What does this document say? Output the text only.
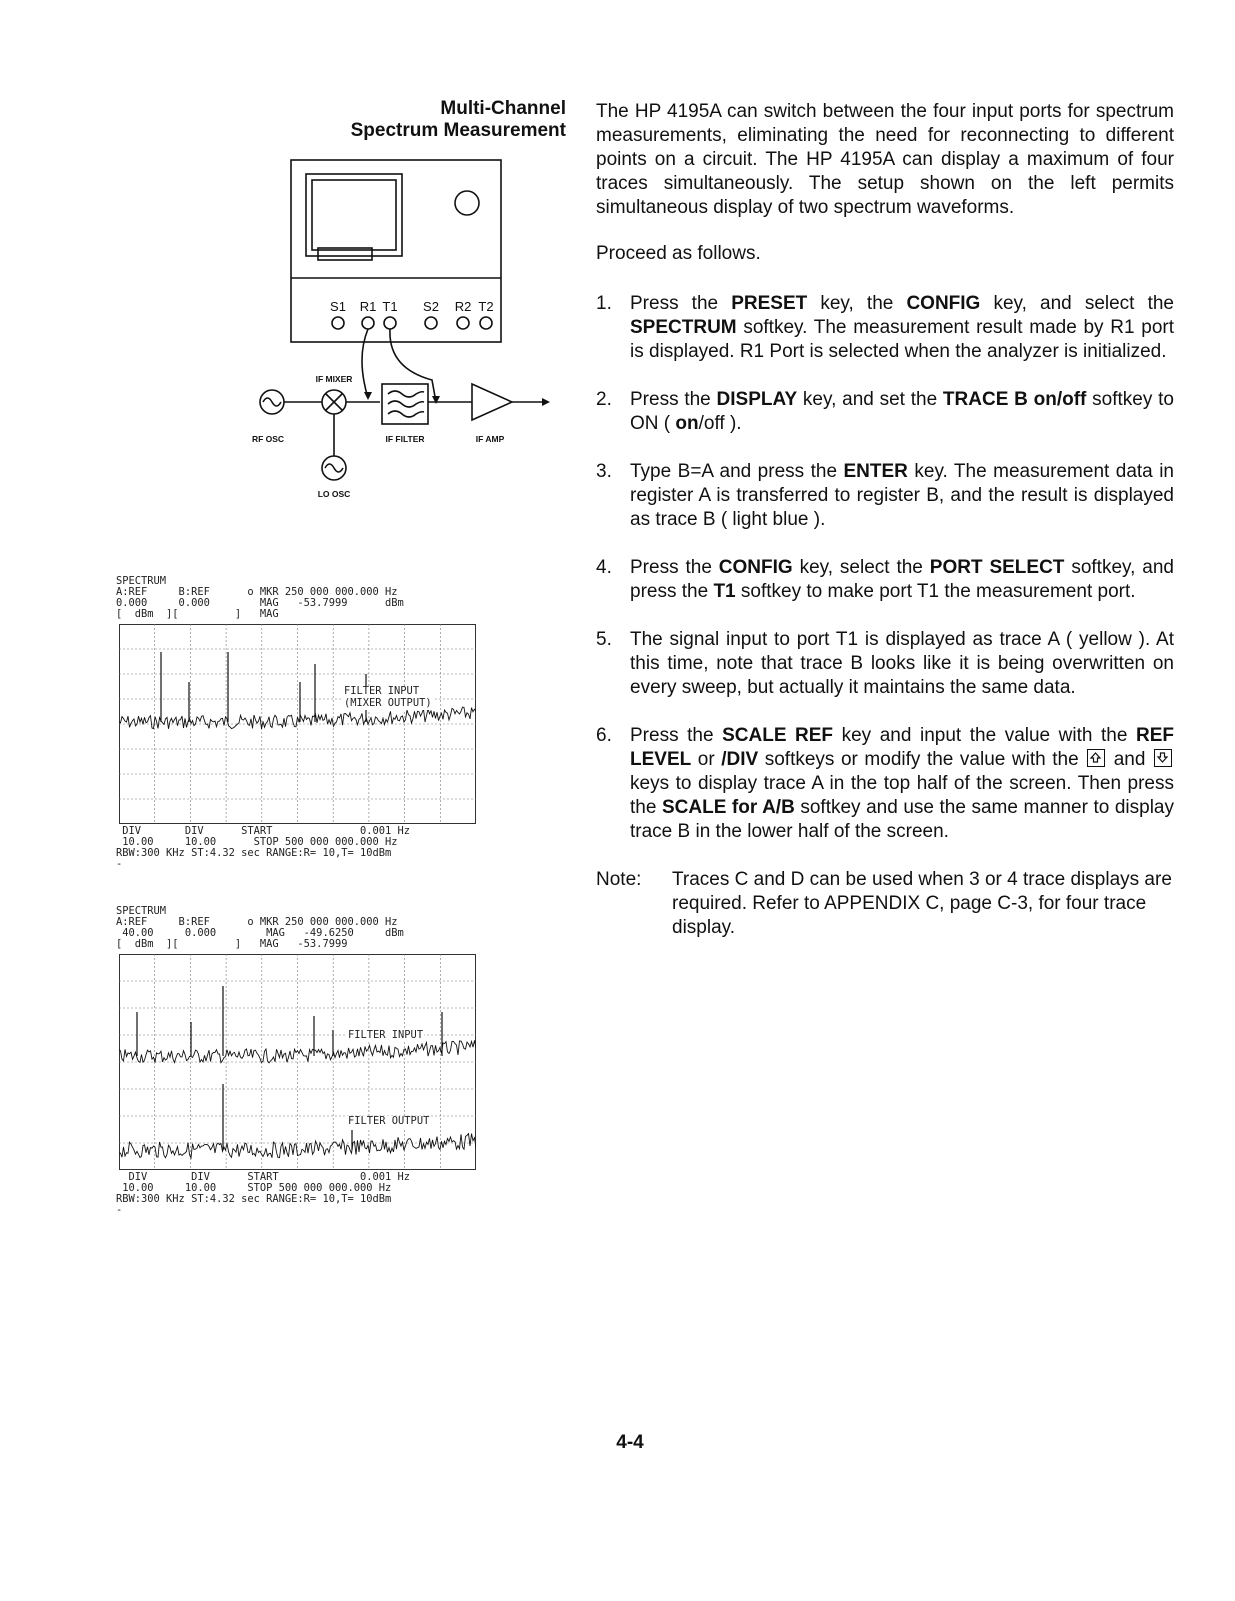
Multi-Channel
Spectrum Measurement
S1 R1 T1 S2 R2 T2
IF MIXER
RF OSC	IF FILTER	IF AMP
LO OSC
SPECTRUM
A:REF     B:REF      o MKR 250 000 000.000 Hz
0.000     0.000        MAG   -53.7999      dBm
[  dBm  ][         ]   MAG
FILTER INPUT
(MIXER OUTPUT)
DIV       DIV      START              0.001 Hz
10.00     10.00      STOP 500 000 000.000 Hz
RBW:300 KHz ST:4.32 sec RANGE:R= 10,T= 10dBm
-
SPECTRUM
A:REF     B:REF      o MKR 250 000 000.000 Hz
40.00     0.000        MAG   -49.6250     dBm
[  dBm  ][         ]   MAG   -53.7999
FILTER INPUT
FILTER OUTPUT
DIV       DIV      START             0.001 Hz
10.00     10.00     STOP 500 000 000.000 Hz
RBW:300 KHz ST:4.32 sec RANGE:R= 10,T= 10dBm
-

The HP 4195A can switch between the four input ports for spectrum measurements, eliminating the need for reconnecting to different points on a circuit. The HP 4195A can display a maximum of four traces simultaneously. The setup shown on the left permits simultaneous display of two spectrum waveforms.

Proceed as follows.

1. Press the PRESET key, the CONFIG key, and select the SPECTRUM softkey. The measurement result made by R1 port is displayed. R1 Port is selected when the analyzer is initialized.
2. Press the DISPLAY key, and set the TRACE B on/off softkey to ON ( on/off ).
3. Type B=A and press the ENTER key. The measurement data in register A is transferred to register B, and the result is displayed as trace B ( light blue ).
4. Press the CONFIG key, select the PORT SELECT softkey, and press the T1 softkey to make port T1 the measurement port.
5. The signal input to port T1 is displayed as trace A ( yellow ). At this time, note that trace B looks like it is being overwritten on every sweep, but actually it maintains the same data.
6. Press the SCALE REF key and input the value with the REF LEVEL or /DIV softkeys or modify the value with the
and
keys to display trace A in the top half of the screen. Then press the SCALE for A/B softkey and use the same manner to display trace B in the lower half of the screen.
Note: Traces C and D can be used when 3 or 4 trace displays are required. Refer to APPENDIX C, page C-3, for four trace display.
4-4
